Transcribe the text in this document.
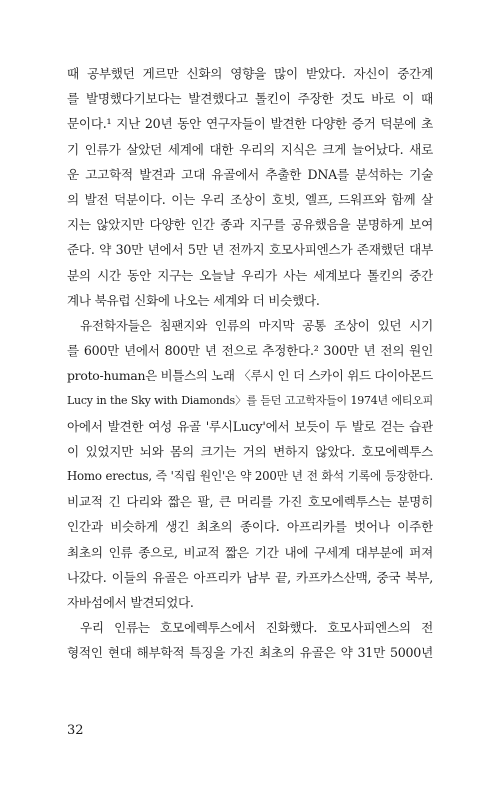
때 공부했던 게르만 신화의 영향을 많이 받았다. 자신이 중간계
를 발명했다기보다는 발견했다고 톨킨이 주장한 것도 바로 이 때
문이다.¹ 지난 20년 동안 연구자들이 발견한 다양한 증거 덕분에 초
기 인류가 살았던 세계에 대한 우리의 지식은 크게 늘어났다. 새로
운 고고학적 발견과 고대 유골에서 추출한 DNA를 분석하는 기술
의 발전 덕분이다. 이는 우리 조상이 호빗, 엘프, 드워프와 함께 살
지는 않았지만 다양한 인간 종과 지구를 공유했음을 분명하게 보여
준다. 약 30만 년에서 5만 년 전까지 호모사피엔스가 존재했던 대부
분의 시간 동안 지구는 오늘날 우리가 사는 세계보다 톨킨의 중간
계나 북유럽 신화에 나오는 세계와 더 비슷했다.
유전학자들은 침팬지와 인류의 마지막 공통 조상이 있던 시기
를 600만 년에서 800만 년 전으로 추정한다.² 300만 년 전의 원인
proto-human은 비틀스의 노래 〈루시 인 더 스카이 위드 다이아몬드
Lucy in the Sky with Diamonds〉를 듣던 고고학자들이 1974년 에티오피
아에서 발견한 여성 유골 '루시Lucy'에서 보듯이 두 발로 걷는 습관
이 있었지만 뇌와 몸의 크기는 거의 변하지 않았다. 호모에렉투스
Homo erectus, 즉 '직립 원인'은 약 200만 년 전 화석 기록에 등장한다.
비교적 긴 다리와 짧은 팔, 큰 머리를 가진 호모에렉투스는 분명히
인간과 비슷하게 생긴 최초의 종이다. 아프리카를 벗어나 이주한
최초의 인류 종으로, 비교적 짧은 기간 내에 구세계 대부분에 퍼져
나갔다. 이들의 유골은 아프리카 남부 끝, 카프카스산맥, 중국 북부,
자바섬에서 발견되었다.
우리 인류는 호모에렉투스에서 진화했다. 호모사피엔스의 전
형적인 현대 해부학적 특징을 가진 최초의 유골은 약 31만 5000년
32
